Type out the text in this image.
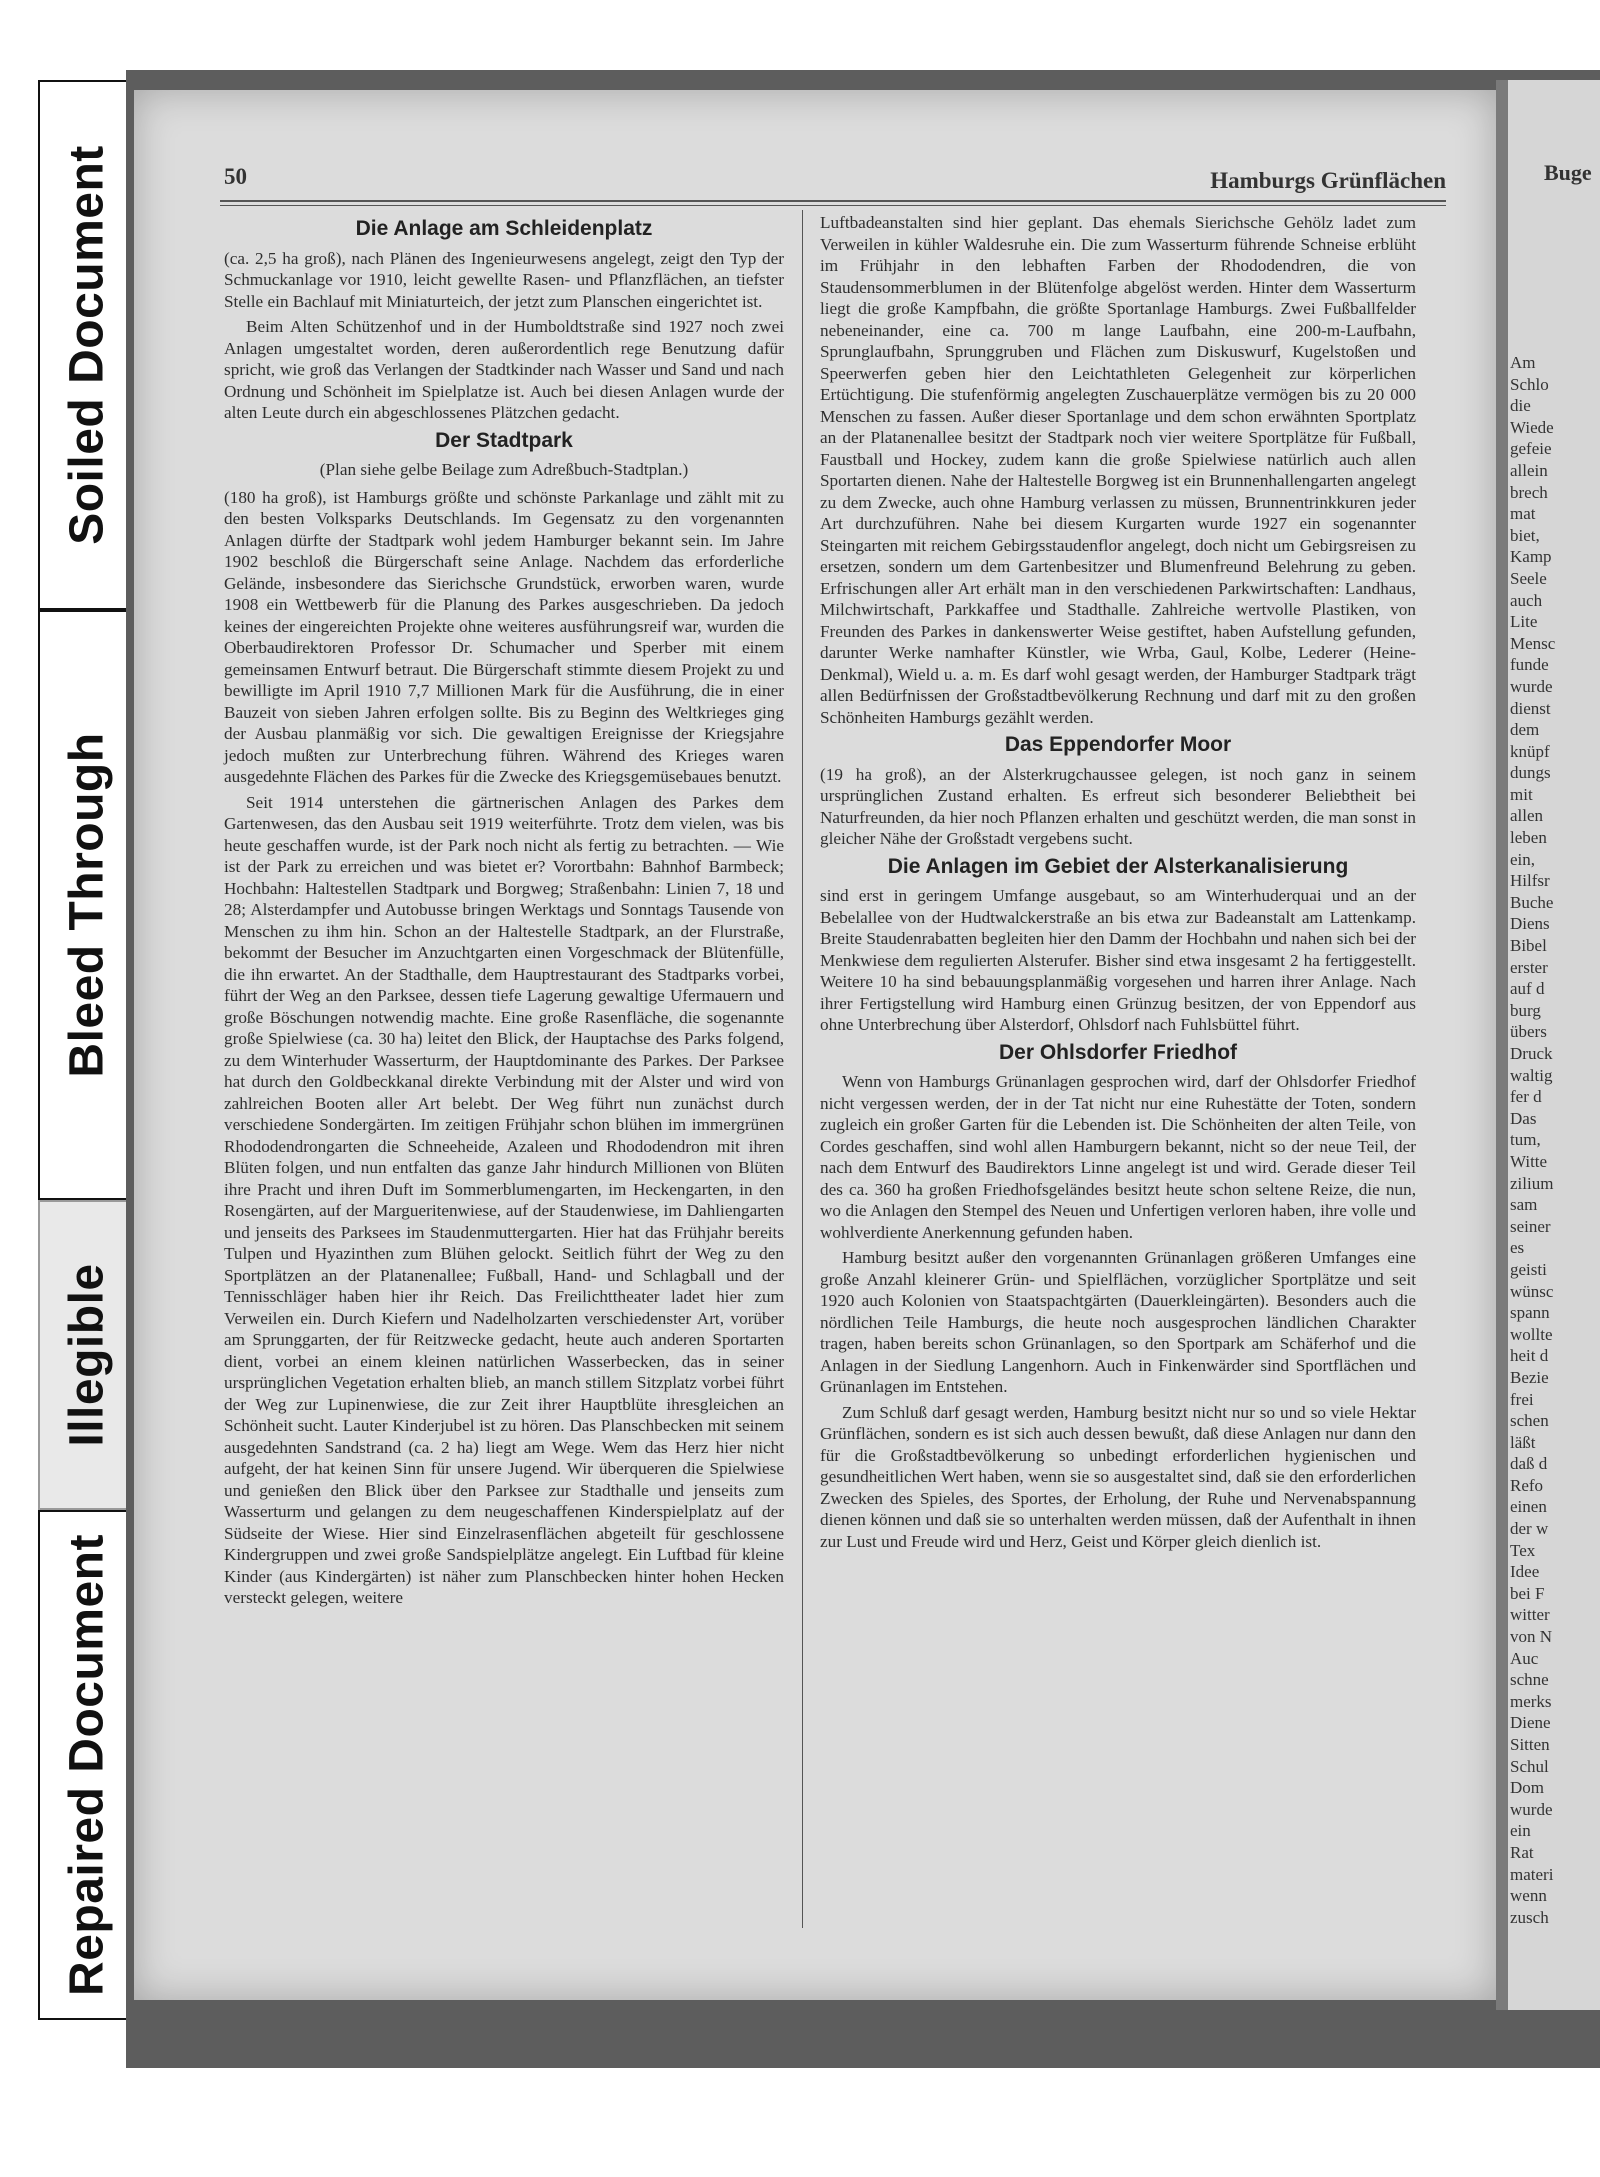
Soiled Document
Bleed Through
Illegible
Repaired Document
Buge
Am
Schlo
die
Wiede
gefeie
allein
brech
mat
biet,
Kamp
Seele
auch
Lite
Mensc
funde
wurde
dienst
dem
knüpf
dungs
mit
allen
leben
ein,
Hilfsr
Buche
Diens
Bibel
erster
auf d
burg
übers
Druck
waltig
fer d
Das
tum,
Witte
zilium
sam
seiner
es
geisti
wünsc
spann
wollte
heit d
Bezie
frei
schen
läßt
daß d
Refo
einen
der w
Tex
Idee
bei F
witter
von N
Auc
schne
merks
Diene
Sitten
Schul
Dom
wurde
ein
Rat
materi
wenn
zusch
50	Hamburgs Grünflächen
Die Anlage am Schleidenplatz

(ca. 2,5 ha groß), nach Plänen des Ingenieurwesens angelegt, zeigt den Typ der Schmuckanlage vor 1910, leicht gewellte Rasen- und Pflanzflächen, an tiefster Stelle ein Bachlauf mit Miniaturteich, der jetzt zum Planschen eingerichtet ist.

Beim Alten Schützenhof und in der Humboldtstraße sind 1927 noch zwei Anlagen umgestaltet worden, deren außerordentlich rege Benutzung dafür spricht, wie groß das Verlangen der Stadtkinder nach Wasser und Sand und nach Ordnung und Schönheit im Spielplatze ist. Auch bei diesen Anlagen wurde der alten Leute durch ein abgeschlossenes Plätzchen gedacht.

Der Stadtpark

(Plan siehe gelbe Beilage zum Adreßbuch-Stadtplan.)

(180 ha groß), ist Hamburgs größte und schönste Parkanlage und zählt mit zu den besten Volksparks Deutschlands. Im Gegensatz zu den vorgenannten Anlagen dürfte der Stadtpark wohl jedem Hamburger bekannt sein. Im Jahre 1902 beschloß die Bürgerschaft seine Anlage. Nachdem das erforderliche Gelände, insbesondere das Sierichsche Grundstück, erworben waren, wurde 1908 ein Wettbewerb für die Planung des Parkes ausgeschrieben. Da jedoch keines der eingereichten Projekte ohne weiteres ausführungsreif war, wurden die Oberbaudirektoren Professor Dr. Schumacher und Sperber mit einem gemeinsamen Entwurf betraut. Die Bürgerschaft stimmte diesem Projekt zu und bewilligte im April 1910 7,7 Millionen Mark für die Ausführung, die in einer Bauzeit von sieben Jahren erfolgen sollte. Bis zu Beginn des Weltkrieges ging der Ausbau planmäßig vor sich. Die gewaltigen Ereignisse der Kriegsjahre jedoch mußten zur Unterbrechung führen. Während des Krieges waren ausgedehnte Flächen des Parkes für die Zwecke des Kriegsgemüsebaues benutzt.

Seit 1914 unterstehen die gärtnerischen Anlagen des Parkes dem Gartenwesen, das den Ausbau seit 1919 weiterführte. Trotz dem vielen, was bis heute geschaffen wurde, ist der Park noch nicht als fertig zu betrachten. — Wie ist der Park zu erreichen und was bietet er? Vorortbahn: Bahnhof Barmbeck; Hochbahn: Haltestellen Stadtpark und Borgweg; Straßenbahn: Linien 7, 18 und 28; Alsterdampfer und Autobusse bringen Werktags und Sonntags Tausende von Menschen zu ihm hin. Schon an der Haltestelle Stadtpark, an der Flurstraße, bekommt der Besucher im Anzuchtgarten einen Vorgeschmack der Blütenfülle, die ihn erwartet. An der Stadthalle, dem Hauptrestaurant des Stadtparks vorbei, führt der Weg an den Parksee, dessen tiefe Lagerung gewaltige Ufermauern und große Böschungen notwendig machte. Eine große Rasenfläche, die sogenannte große Spielwiese (ca. 30 ha) leitet den Blick, der Hauptachse des Parks folgend, zu dem Winterhuder Wasserturm, der Hauptdominante des Parkes. Der Parksee hat durch den Goldbeckkanal direkte Verbindung mit der Alster und wird von zahlreichen Booten aller Art belebt. Der Weg führt nun zunächst durch verschiedene Sondergärten. Im zeitigen Frühjahr schon blühen im immergrünen Rhododendrongarten die Schneeheide, Azaleen und Rhododendron mit ihren Blüten folgen, und nun entfalten das ganze Jahr hindurch Millionen von Blüten ihre Pracht und ihren Duft im Sommerblumengarten, im Heckengarten, in den Rosengärten, auf der Margueritenwiese, auf der Staudenwiese, im Dahliengarten und jenseits des Parksees im Staudenmuttergarten. Hier hat das Frühjahr bereits Tulpen und Hyazinthen zum Blühen gelockt. Seitlich führt der Weg zu den Sportplätzen an der Platanenallee; Fußball, Hand- und Schlagball und der Tennisschläger haben hier ihr Reich. Das Freilichttheater ladet hier zum Verweilen ein. Durch Kiefern und Nadelholzarten verschiedenster Art, vorüber am Sprunggarten, der für Reitzwecke gedacht, heute auch anderen Sportarten dient, vorbei an einem kleinen natürlichen Wasserbecken, das in seiner ursprünglichen Vegetation erhalten blieb, an manch stillem Sitzplatz vorbei führt der Weg zur Lupinenwiese, die zur Zeit ihrer Hauptblüte ihresgleichen an Schönheit sucht. Lauter Kinderjubel ist zu hören. Das Planschbecken mit seinem ausgedehnten Sandstrand (ca. 2 ha) liegt am Wege. Wem das Herz hier nicht aufgeht, der hat keinen Sinn für unsere Jugend. Wir überqueren die Spielwiese und genießen den Blick über den Parksee zur Stadthalle und jenseits zum Wasserturm und gelangen zu dem neugeschaffenen Kinderspielplatz auf der Südseite der Wiese. Hier sind Einzelrasenflächen abgeteilt für geschlossene Kindergruppen und zwei große Sandspielplätze angelegt. Ein Luftbad für kleine Kinder (aus Kindergärten) ist näher zum Planschbecken hinter hohen Hecken versteckt gelegen, weitere

Luftbadeanstalten sind hier geplant. Das ehemals Sierichsche Gehölz ladet zum Verweilen in kühler Waldesruhe ein. Die zum Wasserturm führende Schneise erblüht im Frühjahr in den lebhaften Farben der Rhododendren, die von Staudensommerblumen in der Blütenfolge abgelöst werden. Hinter dem Wasserturm liegt die große Kampfbahn, die größte Sportanlage Hamburgs. Zwei Fußballfelder nebeneinander, eine ca. 700 m lange Laufbahn, eine 200-m-Laufbahn, Sprunglaufbahn, Sprunggruben und Flächen zum Diskuswurf, Kugelstoßen und Speerwerfen geben hier den Leichtathleten Gelegenheit zur körperlichen Ertüchtigung. Die stufenförmig angelegten Zuschauerplätze vermögen bis zu 20 000 Menschen zu fassen. Außer dieser Sportanlage und dem schon erwähnten Sportplatz an der Platanenallee besitzt der Stadtpark noch vier weitere Sportplätze für Fußball, Faustball und Hockey, zudem kann die große Spielwiese natürlich auch allen Sportarten dienen. Nahe der Haltestelle Borgweg ist ein Brunnenhallengarten angelegt zu dem Zwecke, auch ohne Hamburg verlassen zu müssen, Brunnentrinkkuren jeder Art durchzuführen. Nahe bei diesem Kurgarten wurde 1927 ein sogenannter Steingarten mit reichem Gebirgsstaudenflor angelegt, doch nicht um Gebirgsreisen zu ersetzen, sondern um dem Gartenbesitzer und Blumenfreund Belehrung zu geben. Erfrischungen aller Art erhält man in den verschiedenen Parkwirtschaften: Landhaus, Milchwirtschaft, Parkkaffee und Stadthalle. Zahlreiche wertvolle Plastiken, von Freunden des Parkes in dankenswerter Weise gestiftet, haben Aufstellung gefunden, darunter Werke namhafter Künstler, wie Wrba, Gaul, Kolbe, Lederer (Heine-Denkmal), Wield u. a. m. Es darf wohl gesagt werden, der Hamburger Stadtpark trägt allen Bedürfnissen der Großstadtbevölkerung Rechnung und darf mit zu den großen Schönheiten Hamburgs gezählt werden.

Das Eppendorfer Moor

(19 ha groß), an der Alsterkrugchaussee gelegen, ist noch ganz in seinem ursprünglichen Zustand erhalten. Es erfreut sich besonderer Beliebtheit bei Naturfreunden, da hier noch Pflanzen erhalten und geschützt werden, die man sonst in gleicher Nähe der Großstadt vergebens sucht.

Die Anlagen im Gebiet der Alsterkanalisierung

sind erst in geringem Umfange ausgebaut, so am Winterhuderquai und an der Bebelallee von der Hudtwalckerstraße an bis etwa zur Badeanstalt am Lattenkamp. Breite Staudenrabatten begleiten hier den Damm der Hochbahn und nahen sich bei der Menkwiese dem regulierten Alsterufer. Bisher sind etwa insgesamt 2 ha fertiggestellt. Weitere 10 ha sind bebauungsplanmäßig vorgesehen und harren ihrer Anlage. Nach ihrer Fertigstellung wird Hamburg einen Grünzug besitzen, der von Eppendorf aus ohne Unterbrechung über Alsterdorf, Ohlsdorf nach Fuhlsbüttel führt.

Der Ohlsdorfer Friedhof

Wenn von Hamburgs Grünanlagen gesprochen wird, darf der Ohlsdorfer Friedhof nicht vergessen werden, der in der Tat nicht nur eine Ruhestätte der Toten, sondern zugleich ein großer Garten für die Lebenden ist. Die Schönheiten der alten Teile, von Cordes geschaffen, sind wohl allen Hamburgern bekannt, nicht so der neue Teil, der nach dem Entwurf des Baudirektors Linne angelegt ist und wird. Gerade dieser Teil des ca. 360 ha großen Friedhofsgeländes besitzt heute schon seltene Reize, die nun, wo die Anlagen den Stempel des Neuen und Unfertigen verloren haben, ihre volle und wohlverdiente Anerkennung gefunden haben.

Hamburg besitzt außer den vorgenannten Grünanlagen größeren Umfanges eine große Anzahl kleinerer Grün- und Spielflächen, vorzüglicher Sportplätze und seit 1920 auch Kolonien von Staatspachtgärten (Dauerkleingärten). Besonders auch die nördlichen Teile Hamburgs, die heute noch ausgesprochen ländlichen Charakter tragen, haben bereits schon Grünanlagen, so den Sportpark am Schäferhof und die Anlagen in der Siedlung Langenhorn. Auch in Finkenwärder sind Sportflächen und Grünanlagen im Entstehen.

Zum Schluß darf gesagt werden, Hamburg besitzt nicht nur so und so viele Hektar Grünflächen, sondern es ist sich auch dessen bewußt, daß diese Anlagen nur dann den für die Großstadtbevölkerung so unbedingt erforderlichen hygienischen und gesundheitlichen Wert haben, wenn sie so ausgestaltet sind, daß sie den erforderlichen Zwecken des Spieles, des Sportes, der Erholung, der Ruhe und Nervenabspannung dienen können und daß sie so unterhalten werden müssen, daß der Aufenthalt in ihnen zur Lust und Freude wird und Herz, Geist und Körper gleich dienlich ist.
